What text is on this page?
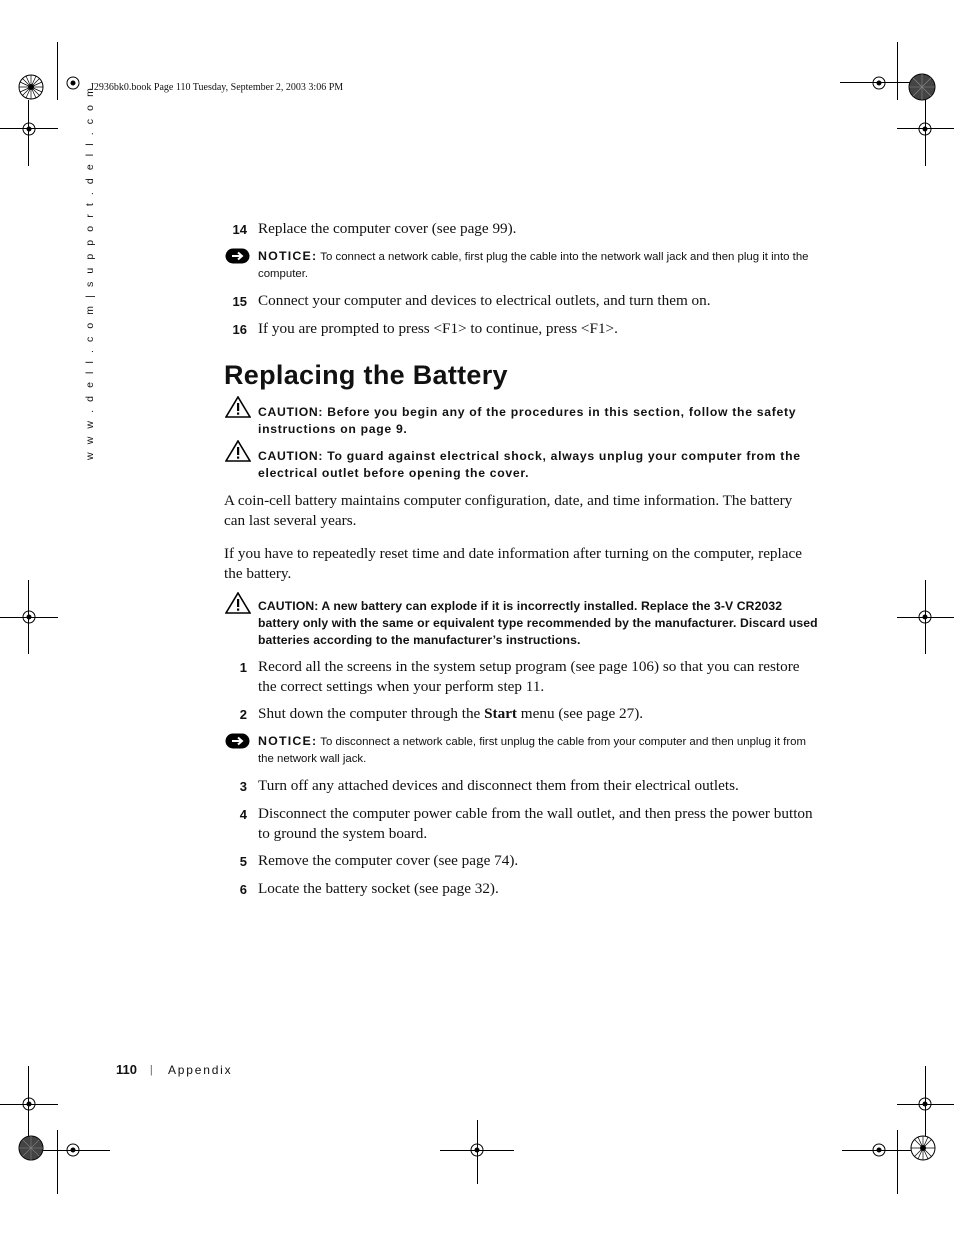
J2936bk0.book Page 110 Tuesday, September 2, 2003 3:06 PM
w w w . d e l l . c o m | s u p p o r t . d e l l . c o m	14 Replace the computer cover (see page 99).
NOTICE: To connect a network cable, first plug the cable into the network wall jack and then plug it into the computer.
15 Connect your computer and devices to electrical outlets, and turn them on.
16 If you are prompted to press <F1> to continue, press <F1>.
Replacing the Battery
CAUTION: Before you begin any of the procedures in this section, follow the safety instructions on page 9.
CAUTION: To guard against electrical shock, always unplug your computer from the electrical outlet before opening the cover.
A coin-cell battery maintains computer configuration, date, and time information. The battery can last several years.
If you have to repeatedly reset time and date information after turning on the computer, replace the battery.
CAUTION: A new battery can explode if it is incorrectly installed. Replace the 3-V CR2032 battery only with the same or equivalent type recommended by the manufacturer. Discard used batteries according to the manufacturer’s instructions.
1 Record all the screens in the system setup program (see page 106) so that you can restore the correct settings when your perform step 11.
2 Shut down the computer through the Start menu (see page 27).
NOTICE: To disconnect a network cable, first unplug the cable from your computer and then unplug it from the network wall jack.
3 Turn off any attached devices and disconnect them from their electrical outlets.
4 Disconnect the computer power cable from the wall outlet, and then press the power button to ground the system board.
5 Remove the computer cover (see page 74).
6 Locate the battery socket (see page 32).
110 | Appendix
